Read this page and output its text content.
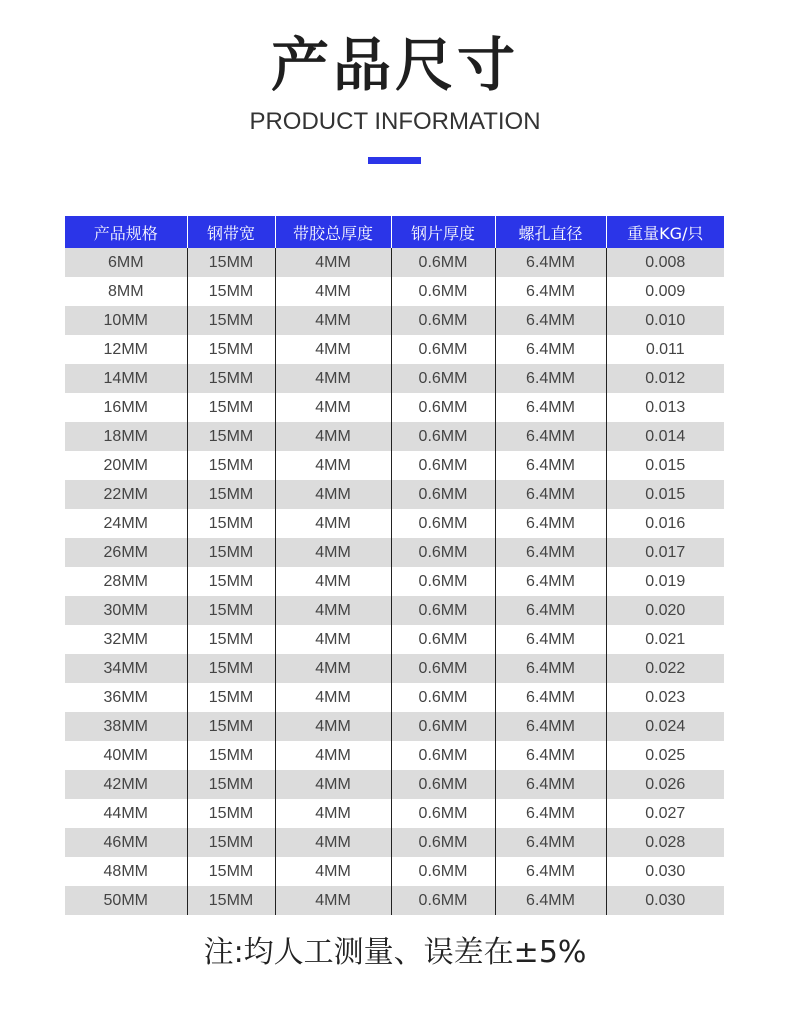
产品尺寸
PRODUCT INFORMATION
产品规格	钢带宽	带胶总厚度	钢片厚度	螺孔直径	重量KG/只
6MM	15MM	4MM	0.6MM	6.4MM	0.008
8MM	15MM	4MM	0.6MM	6.4MM	0.009
10MM	15MM	4MM	0.6MM	6.4MM	0.010
12MM	15MM	4MM	0.6MM	6.4MM	0.011
14MM	15MM	4MM	0.6MM	6.4MM	0.012
16MM	15MM	4MM	0.6MM	6.4MM	0.013
18MM	15MM	4MM	0.6MM	6.4MM	0.014
20MM	15MM	4MM	0.6MM	6.4MM	0.015
22MM	15MM	4MM	0.6MM	6.4MM	0.015
24MM	15MM	4MM	0.6MM	6.4MM	0.016
26MM	15MM	4MM	0.6MM	6.4MM	0.017
28MM	15MM	4MM	0.6MM	6.4MM	0.019
30MM	15MM	4MM	0.6MM	6.4MM	0.020
32MM	15MM	4MM	0.6MM	6.4MM	0.021
34MM	15MM	4MM	0.6MM	6.4MM	0.022
36MM	15MM	4MM	0.6MM	6.4MM	0.023
38MM	15MM	4MM	0.6MM	6.4MM	0.024
40MM	15MM	4MM	0.6MM	6.4MM	0.025
42MM	15MM	4MM	0.6MM	6.4MM	0.026
44MM	15MM	4MM	0.6MM	6.4MM	0.027
46MM	15MM	4MM	0.6MM	6.4MM	0.028
48MM	15MM	4MM	0.6MM	6.4MM	0.030
50MM	15MM	4MM	0.6MM	6.4MM	0.030
注:均人工测量、误差在±5%
